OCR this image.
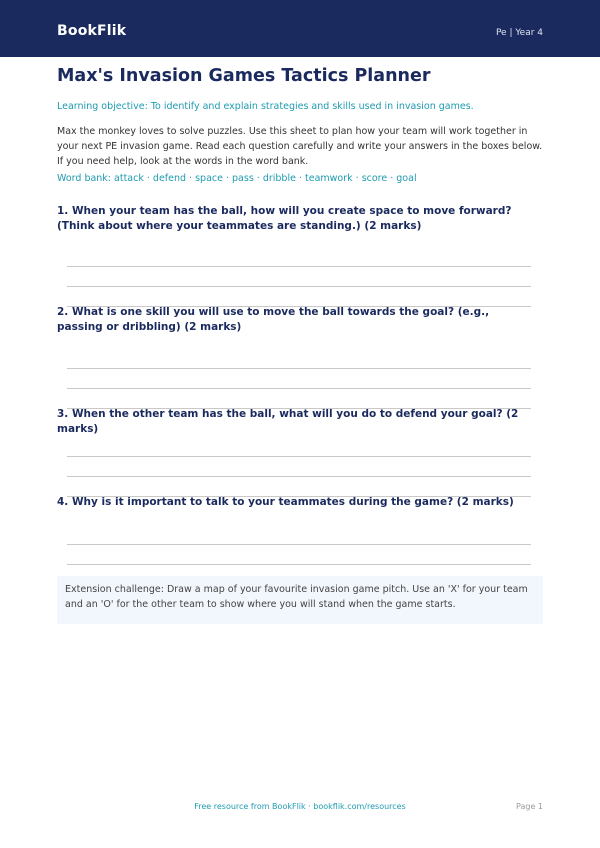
BookFlik	Pe | Year 4
Max's Invasion Games Tactics Planner
Learning objective: To identify and explain strategies and skills used in invasion games.
Max the monkey loves to solve puzzles. Use this sheet to plan how your team will work together in your next PE invasion game. Read each question carefully and write your answers in the boxes below. If you need help, look at the words in the word bank.
Word bank: attack · defend · space · pass · dribble · teamwork · score · goal
1. When your team has the ball, how will you create space to move forward? (Think about where your teammates are standing.) (2 marks)
2. What is one skill you will use to move the ball towards the goal? (e.g., passing or dribbling) (2 marks)
3. When the other team has the ball, what will you do to defend your goal? (2 marks)
4. Why is it important to talk to your teammates during the game? (2 marks)
Extension challenge: Draw a map of your favourite invasion game pitch. Use an 'X' for your team and an 'O' for the other team to show where you will stand when the game starts.
Free resource from BookFlik · bookflik.com/resources	Page 1
